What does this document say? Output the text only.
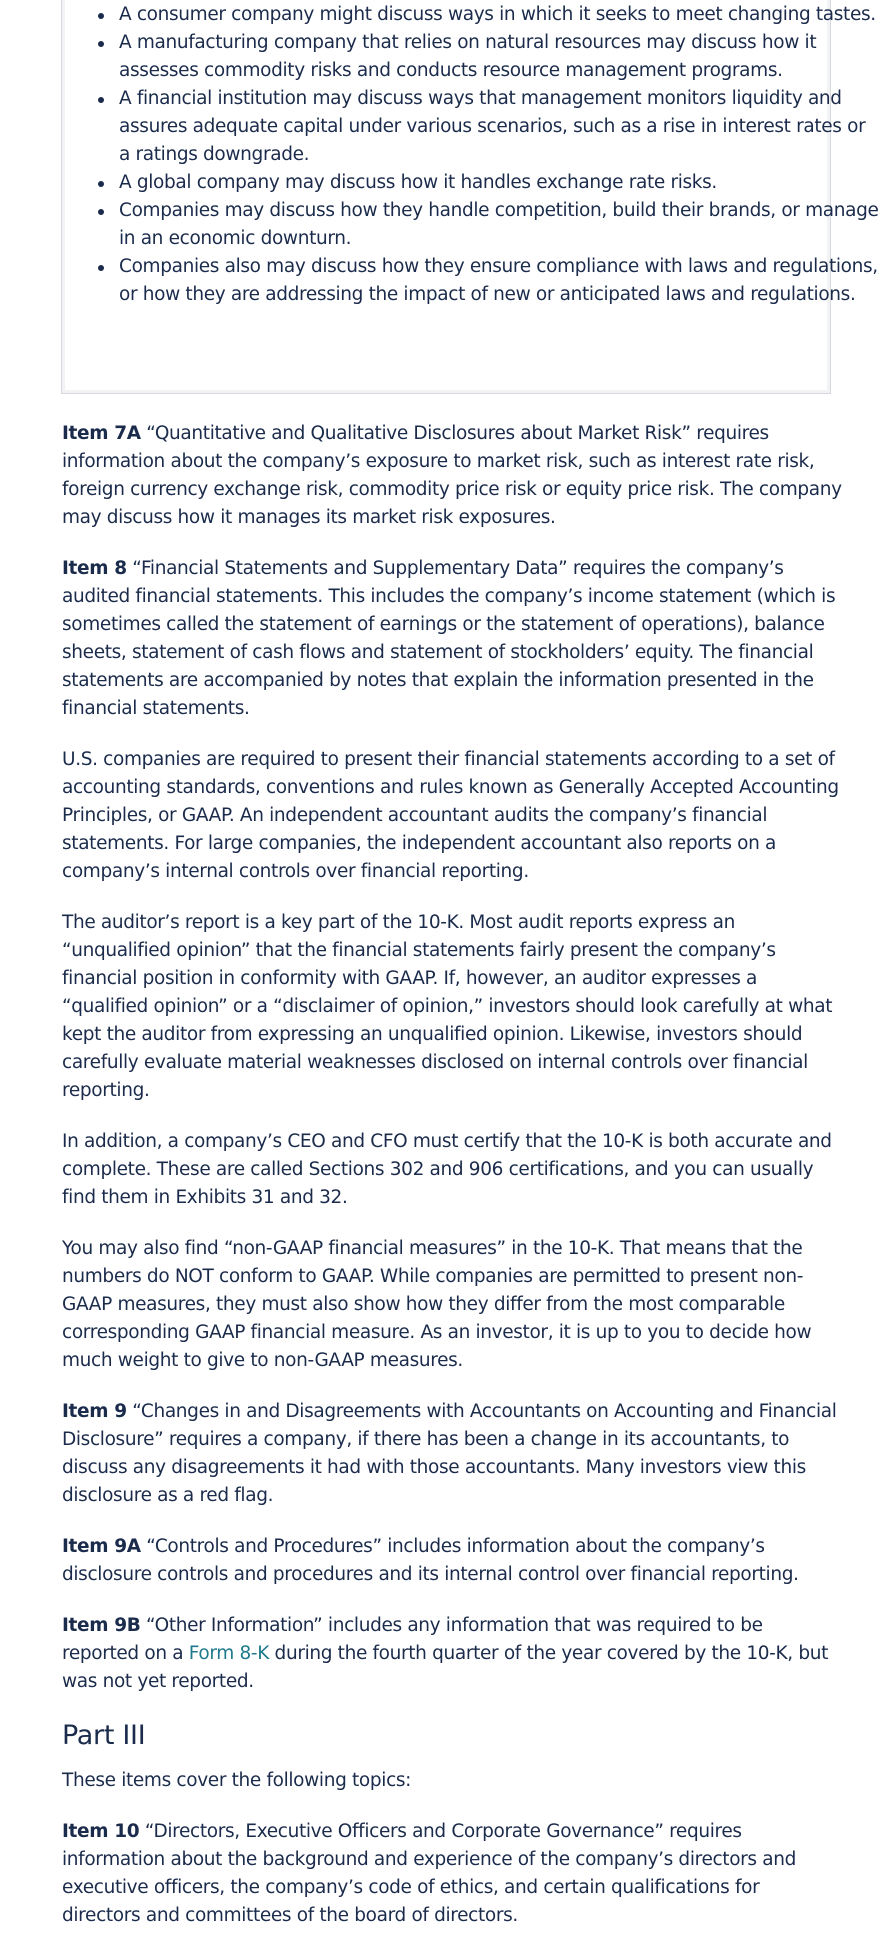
A consumer company might discuss ways in which it seeks to meet changing tastes.
A manufacturing company that relies on natural resources may discuss how it assesses commodity risks and conducts resource management programs.
A financial institution may discuss ways that management monitors liquidity and assures adequate capital under various scenarios, such as a rise in interest rates or a ratings downgrade.
A global company may discuss how it handles exchange rate risks.
Companies may discuss how they handle competition, build their brands, or manage in an economic downturn.
Companies also may discuss how they ensure compliance with laws and regulations, or how they are addressing the impact of new or anticipated laws and regulations.

Item 7A “Quantitative and Qualitative Disclosures about Market Risk” requires information about the company’s exposure to market risk, such as interest rate risk, foreign currency exchange risk, commodity price risk or equity price risk. The company may discuss how it manages its market risk exposures.

Item 8 “Financial Statements and Supplementary Data” requires the company’s audited financial statements. This includes the company’s income statement (which is sometimes called the statement of earnings or the statement of operations), balance sheets, statement of cash flows and statement of stockholders’ equity. The financial statements are accompanied by notes that explain the information presented in the financial statements.

U.S. companies are required to present their financial statements according to a set of accounting standards, conventions and rules known as Generally Accepted Accounting Principles, or GAAP. An independent accountant audits the company’s financial statements. For large companies, the independent accountant also reports on a company’s internal controls over financial reporting.

The auditor’s report is a key part of the 10-K. Most audit reports express an “unqualified opinion” that the financial statements fairly present the company’s financial position in conformity with GAAP. If, however, an auditor expresses a “qualified opinion” or a “disclaimer of opinion,” investors should look carefully at what kept the auditor from expressing an unqualified opinion. Likewise, investors should carefully evaluate material weaknesses disclosed on internal controls over financial reporting.

In addition, a company’s CEO and CFO must certify that the 10-K is both accurate and complete. These are called Sections 302 and 906 certifications, and you can usually find them in Exhibits 31 and 32.

You may also find “non-GAAP financial measures” in the 10-K. That means that the numbers do NOT conform to GAAP. While companies are permitted to present non-GAAP measures, they must also show how they differ from the most comparable corresponding GAAP financial measure. As an investor, it is up to you to decide how much weight to give to non-GAAP measures.

Item 9 “Changes in and Disagreements with Accountants on Accounting and Financial Disclosure” requires a company, if there has been a change in its accountants, to discuss any disagreements it had with those accountants. Many investors view this disclosure as a red flag.

Item 9A “Controls and Procedures” includes information about the company’s disclosure controls and procedures and its internal control over financial reporting.

Item 9B “Other Information” includes any information that was required to be reported on a Form 8-K during the fourth quarter of the year covered by the 10-K, but was not yet reported.

Part III

These items cover the following topics:

Item 10 “Directors, Executive Officers and Corporate Governance” requires information about the background and experience of the company’s directors and executive officers, the company’s code of ethics, and certain qualifications for directors and committees of the board of directors.
